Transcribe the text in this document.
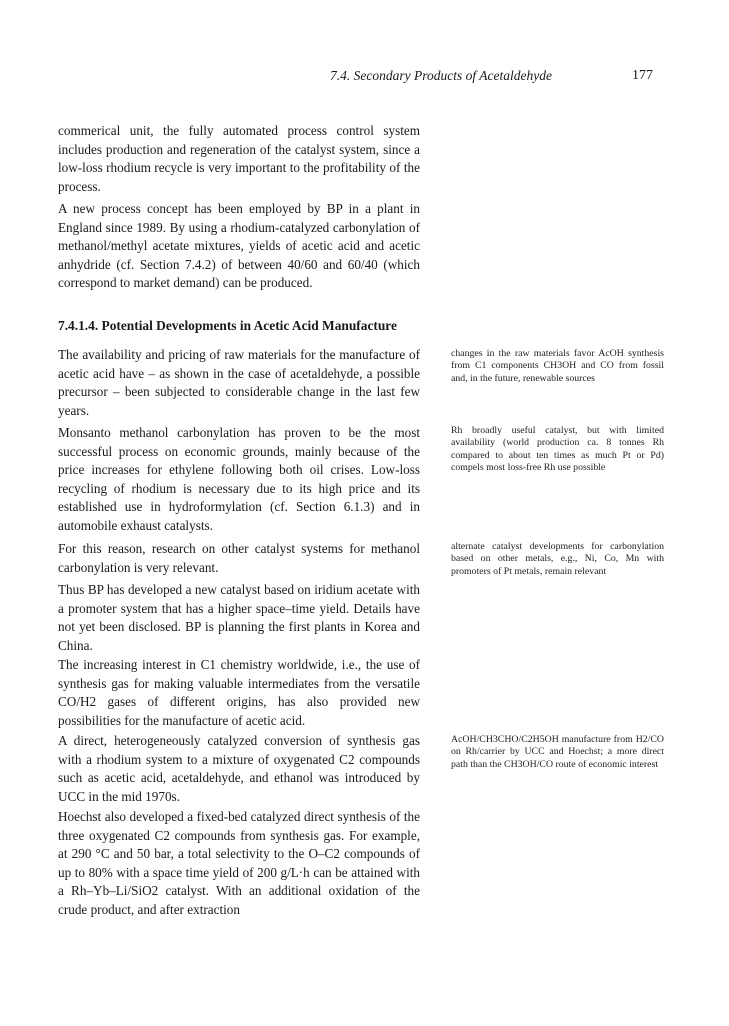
7.4. Secondary Products of Acetaldehyde	177

commerical unit, the fully automated process control system includes production and regeneration of the catalyst system, since a low-loss rhodium recycle is very important to the profitability of the process.

A new process concept has been employed by BP in a plant in England since 1989. By using a rhodium-catalyzed carbonylation of methanol/methyl acetate mixtures, yields of acetic acid and acetic anhydride (cf. Section 7.4.2) of between 40/60 and 60/40 (which correspond to market demand) can be produced.

7.4.1.4. Potential Developments in Acetic Acid Manufacture

The availability and pricing of raw materials for the manufacture of acetic acid have – as shown in the case of acetaldehyde, a possible precursor – been subjected to considerable change in the last few years.

Monsanto methanol carbonylation has proven to be the most successful process on economic grounds, mainly because of the price increases for ethylene following both oil crises. Low-loss recycling of rhodium is necessary due to its high price and its established use in hydroformylation (cf. Section 6.1.3) and in automobile exhaust catalysts.

For this reason, research on other catalyst systems for methanol carbonylation is very relevant.

Thus BP has developed a new catalyst based on iridium acetate with a promoter system that has a higher space–time yield. Details have not yet been disclosed. BP is planning the first plants in Korea and China.

The increasing interest in C1 chemistry worldwide, i.e., the use of synthesis gas for making valuable intermediates from the versatile CO/H2 gases of different origins, has also provided new possibilities for the manufacture of acetic acid.

A direct, heterogeneously catalyzed conversion of synthesis gas with a rhodium system to a mixture of oxygenated C2 compounds such as acetic acid, acetaldehyde, and ethanol was introduced by UCC in the mid 1970s.

Hoechst also developed a fixed-bed catalyzed direct synthesis of the three oxygenated C2 compounds from synthesis gas. For example, at 290 °C and 50 bar, a total selectivity to the O–C2 compounds of up to 80% with a space time yield of 200 g/L·h can be attained with a Rh–Yb–Li/SiO2 catalyst. With an additional oxidation of the crude product, and after extraction

changes in the raw materials favor AcOH synthesis from C1 components CH3OH and CO from fossil and, in the future, renewable sources
Rh broadly useful catalyst, but with limited availability (world production ca. 8 tonnes Rh compared to about ten times as much Pt or Pd) compels most loss-free Rh use possible
alternate catalyst developments for carbonylation based on other metals, e.g., Ni, Co, Mn with promoters of Pt metals, remain relevant
AcOH/CH3CHO/C2H5OH manufacture from H2/CO on Rh/carrier by UCC and Hoechst; a more direct path than the CH3OH/CO route of economic interest
